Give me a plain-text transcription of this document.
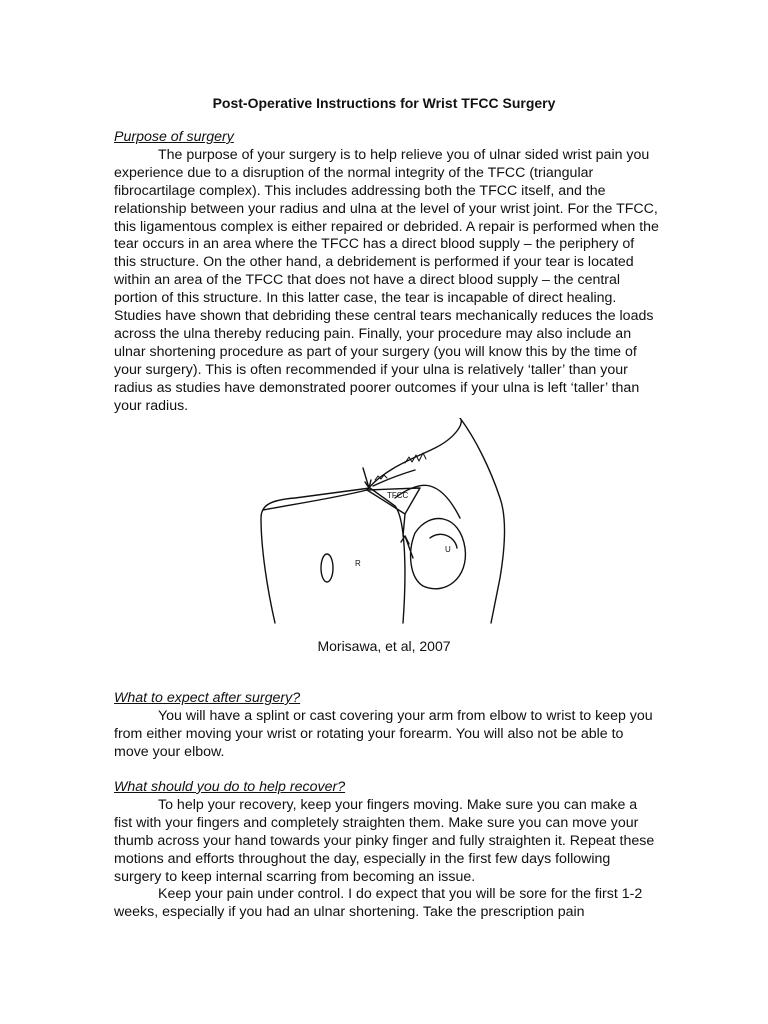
Post-Operative Instructions for Wrist TFCC Surgery
Purpose of surgery
The purpose of your surgery is to help relieve you of ulnar sided wrist pain you experience due to a disruption of the normal integrity of the TFCC (triangular fibrocartilage complex). This includes addressing both the TFCC itself, and the relationship between your radius and ulna at the level of your wrist joint. For the TFCC, this ligamentous complex is either repaired or debrided. A repair is performed when the tear occurs in an area where the TFCC has a direct blood supply – the periphery of this structure. On the other hand, a debridement is performed if your tear is located within an area of the TFCC that does not have a direct blood supply – the central portion of this structure. In this latter case, the tear is incapable of direct healing. Studies have shown that debriding these central tears mechanically reduces the loads across the ulna thereby reducing pain. Finally, your procedure may also include an ulnar shortening procedure as part of your surgery (you will know this by the time of your surgery). This is often recommended if your ulna is relatively ‘taller’ than your radius as studies have demonstrated poorer outcomes if your ulna is left ‘taller’ than your radius.
TFCC
R
U
Morisawa, et al, 2007
What to expect after surgery?
You will have a splint or cast covering your arm from elbow to wrist to keep you from either moving your wrist or rotating your forearm. You will also not be able to move your elbow.
What should you do to help recover?
To help your recovery, keep your fingers moving. Make sure you can make a fist with your fingers and completely straighten them. Make sure you can move your thumb across your hand towards your pinky finger and fully straighten it. Repeat these motions and efforts throughout the day, especially in the first few days following surgery to keep internal scarring from becoming an issue.
Keep your pain under control. I do expect that you will be sore for the first 1-2 weeks, especially if you had an ulnar shortening. Take the prescription pain
